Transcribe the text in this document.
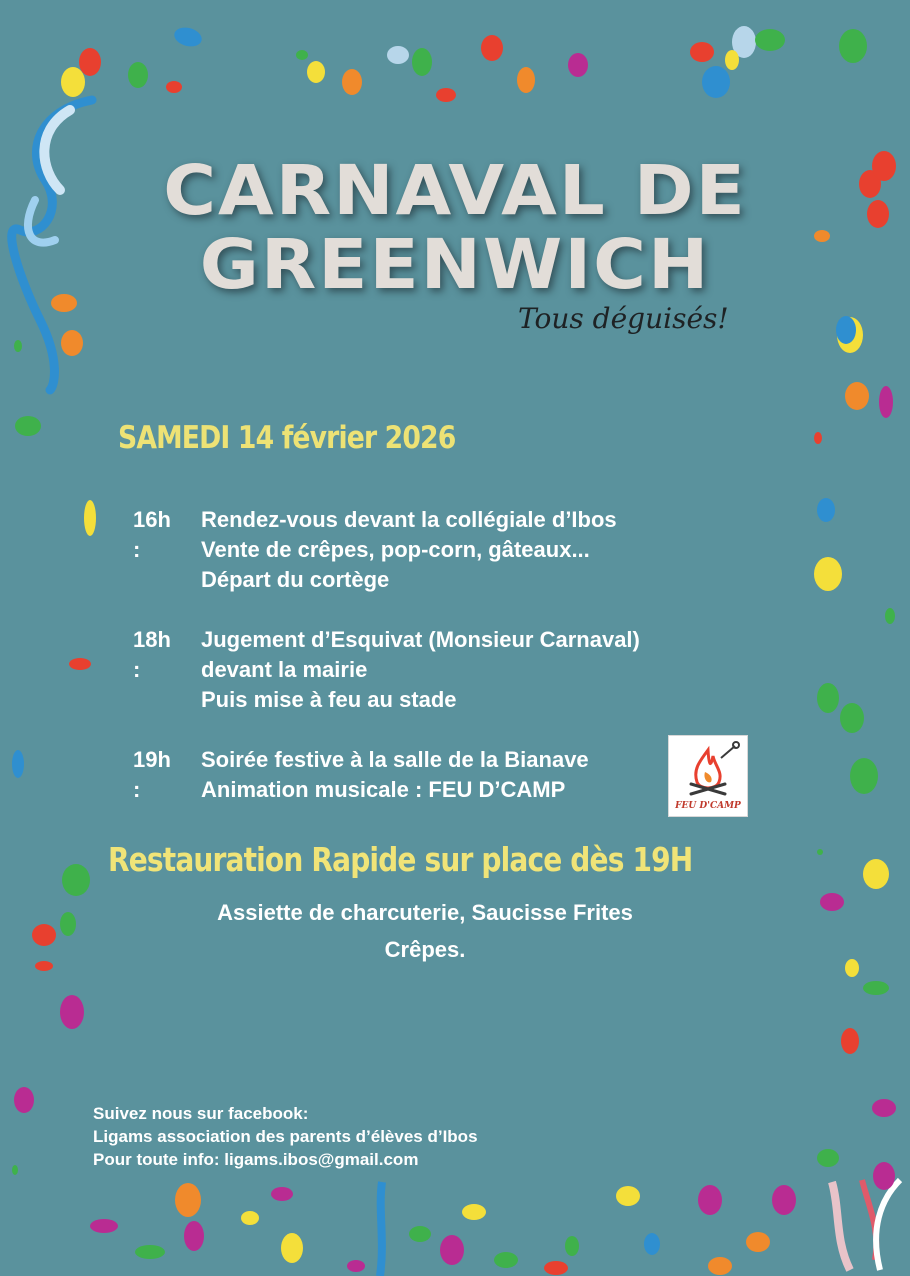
CARNAVAL DE
GREENWICH
Tous déguisés!
SAMEDI 14 février 2026
16h :
Rendez-vous devant la collégiale d’Ibos
Vente de crêpes, pop-corn, gâteaux...
Départ du cortège
18h :
Jugement d’Esquivat (Monsieur Carnaval)
devant la mairie
Puis mise à feu au stade
19h :
Soirée festive à la salle de la Bianave
Animation musicale : FEU D’CAMP
FEU D'CAMP
Restauration Rapide sur place dès 19H
Assiette de charcuterie, Saucisse Frites
Crêpes.
Suivez nous sur facebook:
Ligams association des parents d’élèves d’Ibos
Pour toute info: ligams.ibos@gmail.com
